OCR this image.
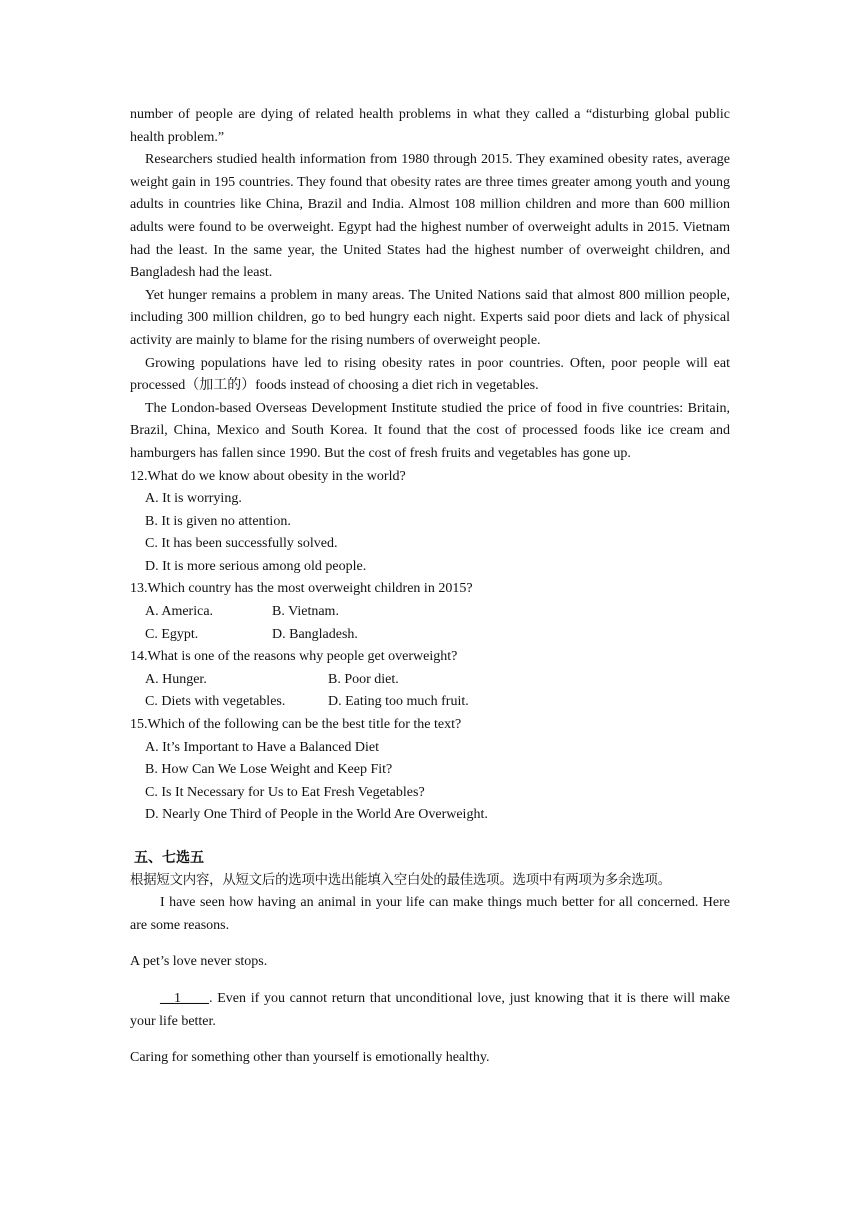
number of people are dying of related health problems in what they called a “disturbing global public health problem.”

Researchers studied health information from 1980 through 2015. They examined obesity rates, average weight gain in 195 countries. They found that obesity rates are three times greater among youth and young adults in countries like China, Brazil and India. Almost 108 million children and more than 600 million adults were found to be overweight. Egypt had the highest number of overweight adults in 2015. Vietnam had the least. In the same year, the United States had the highest number of overweight children, and Bangladesh had the least.

Yet hunger remains a problem in many areas. The United Nations said that almost 800 million people, including 300 million children, go to bed hungry each night. Experts said poor diets and lack of physical activity are mainly to blame for the rising numbers of overweight people.

Growing populations have led to rising obesity rates in poor countries. Often, poor people will eat processed（加工的）foods instead of choosing a diet rich in vegetables.

The London-based Overseas Development Institute studied the price of food in five countries: Britain, Brazil, China, Mexico and South Korea. It found that the cost of processed foods like ice cream and hamburgers has fallen since 1990. But the cost of fresh fruits and vegetables has gone up.

12.What do we know about obesity in the world?

A. It is worrying.

B. It is given no attention.

C. It has been successfully solved.

D. It is more serious among old people.

13.Which country has the most overweight children in 2015?

A. America.	B. Vietnam.
C. Egypt.	D. Bangladesh.

14.What is one of the reasons why people get overweight?

A. Hunger.	B. Poor diet.
C. Diets with vegetables.	D. Eating too much fruit.

15.Which of the following can be the best title for the text?

A. It’s Important to Have a Balanced Diet

B. How Can We Lose Weight and Keep Fit?

C. Is It Necessary for Us to Eat Fresh Vegetables?

D. Nearly One Third of People in the World Are Overweight.

五、七选五

根据短文内容，从短文后的选项中选出能填入空白处的最佳选项。选项中有两项为多余选项。

I have seen how having an animal in your life can make things much better for all concerned. Here are some reasons.

A pet’s love never stops.

__1____. Even if you cannot return that unconditional love, just knowing that it is there will make your life better.

Caring for something other than yourself is emotionally healthy.
